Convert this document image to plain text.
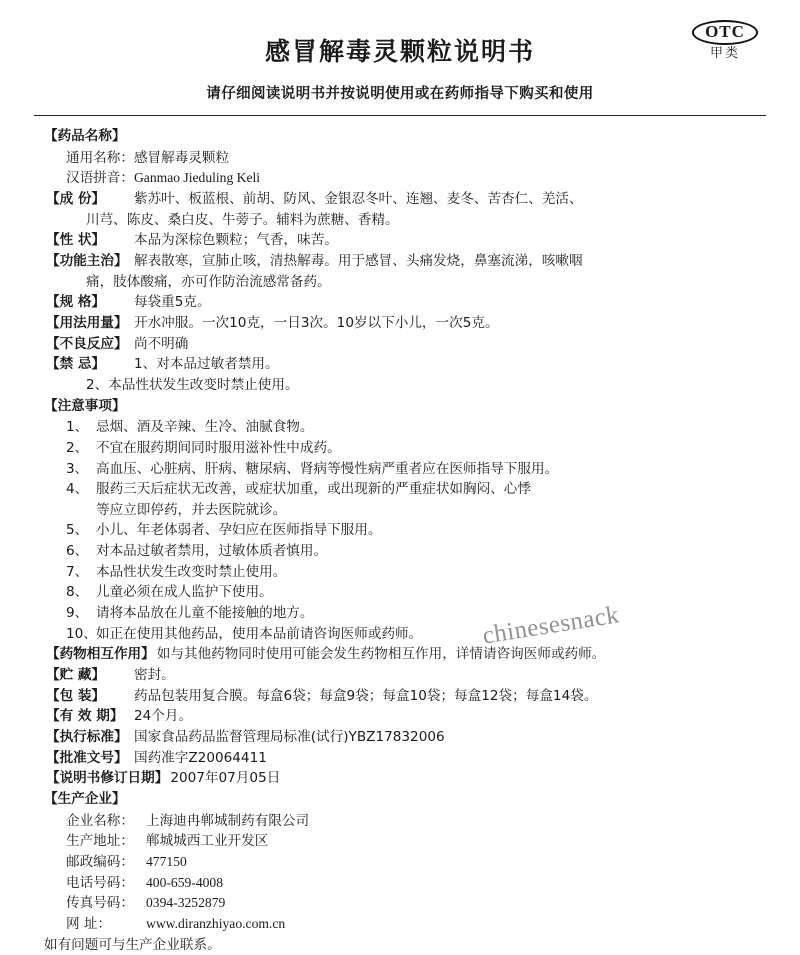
OTC
甲类
感冒解毒灵颗粒说明书
请仔细阅读说明书并按说明使用或在药师指导下购买和使用
【药品名称】
通用名称： 感冒解毒灵颗粒
汉语拼音： Ganmao Jieduling Keli
【成 份】	紫苏叶、板蓝根、前胡、防风、金银忍冬叶、连翘、麦冬、苦杏仁、羌活、
川芎、陈皮、桑白皮、牛蒡子。辅料为蔗糖、香精。
【性 状】	本品为深棕色颗粒；气香，味苦。
【功能主治】 解表散寒，宣肺止咳，清热解毒。用于感冒、头痛发烧，鼻塞流涕，咳嗽咽
痛，肢体酸痛，亦可作防治流感常备药。
【规 格】	每袋重5克。
【用法用量】 开水冲服。一次10克，一日3次。10岁以下小儿，一次5克。
【不良反应】 尚不明确
【禁 忌】	1、对本品过敏者禁用。
2、本品性状发生改变时禁止使用。
【注意事项】
1、 忌烟、酒及辛辣、生冷、油腻食物。
2、 不宜在服药期间同时服用滋补性中成药。
3、 高血压、心脏病、肝病、糖尿病、肾病等慢性病严重者应在医师指导下服用。
4、 服药三天后症状无改善，或症状加重，或出现新的严重症状如胸闷、心悸
等应立即停药，并去医院就诊。
5、 小儿、年老体弱者、孕妇应在医师指导下服用。
6、 对本品过敏者禁用，过敏体质者慎用。
7、 本品性状发生改变时禁止使用。
8、 儿童必须在成人监护下使用。
9、 请将本品放在儿童不能接触的地方。
10、 如正在使用其他药品，使用本品前请咨询医师或药师。
【药物相互作用】 如与其他药物同时使用可能会发生药物相互作用，详情请咨询医师或药师。
【贮 藏】	密封。
【包 装】	药品包装用复合膜。每盒6袋；每盒9袋；每盒10袋；每盒12袋；每盒14袋。
【有 效 期】 24个月。
【执行标准】 国家食品药品监督管理局标准(试行)YBZ17832006
【批准文号】 国药准字Z20064411
【说明书修订日期】 2007年07月05日
【生产企业】
企业名称： 上海迪冉郸城制药有限公司
生产地址： 郸城城西工业开发区
邮政编码： 477150
电话号码： 400-659-4008
传真号码： 0394-3252879
网 址：	www.diranzhiyao.com.cn
如有问题可与生产企业联系。
chinesesnack
